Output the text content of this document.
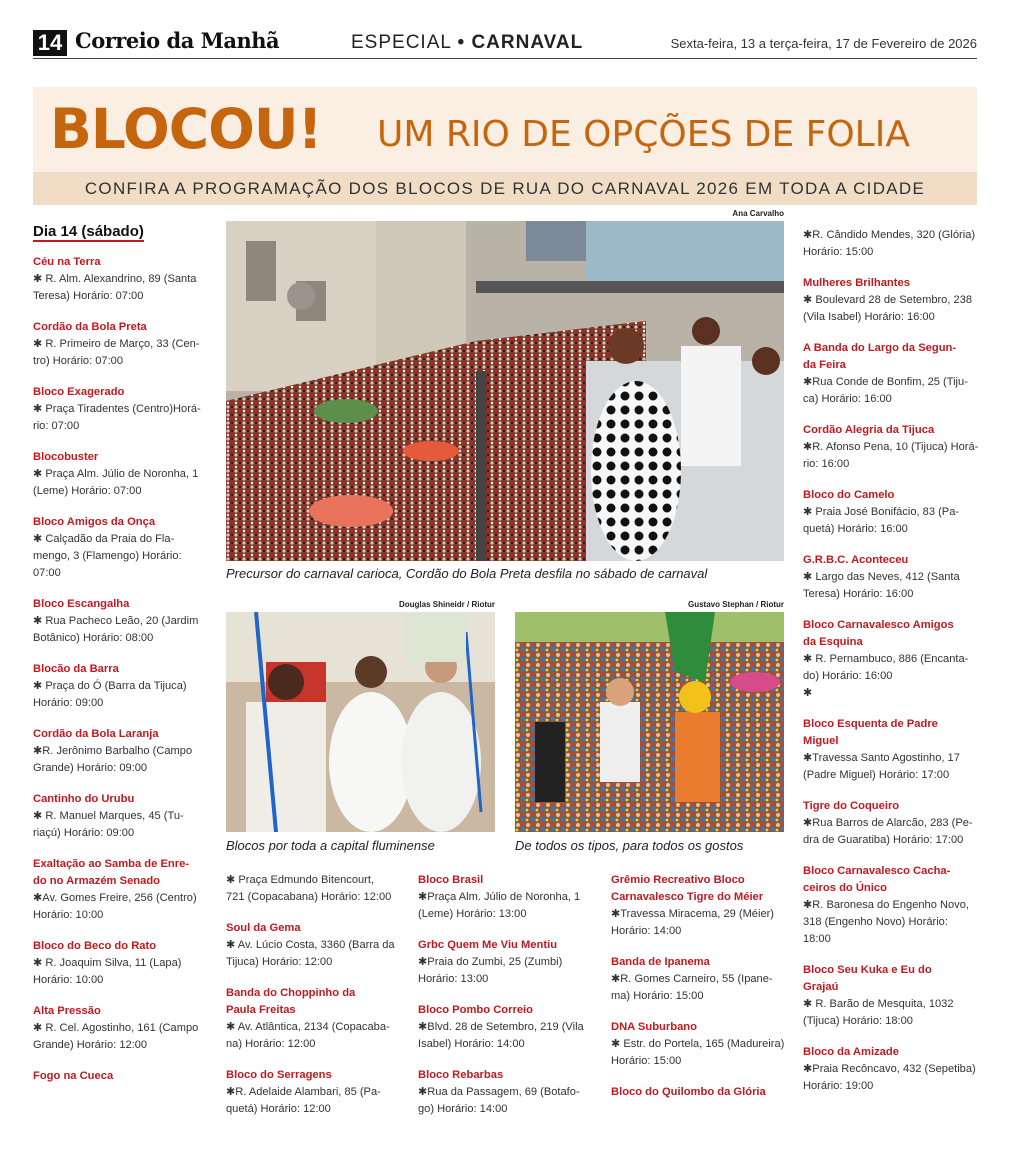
14 Correio da Manhã	ESPECIAL • CARNAVAL	Sexta-feira, 13 a terça-feira, 17 de Fevereiro de 2026
BLOCOU! UM RIO DE OPÇÕES DE FOLIA
CONFIRA A PROGRAMAÇÃO DOS BLOCOS DE RUA DO CARNAVAL 2026 EM TODA A CIDADE
Dia 14 (sábado)
Céu na Terra
✱ R. Alm. Alexandrino, 89 (Santa
Teresa) Horário: 07:00
Cordão da Bola Preta
✱ R. Primeiro de Março, 33 (Cen-
tro) Horário: 07:00
Bloco Exagerado
✱ Praça Tiradentes (Centro)Horá-
rio: 07:00
Blocobuster
✱ Praça Alm. Júlio de Noronha, 1
(Leme) Horário: 07:00
Bloco Amigos da Onça
✱ Calçadão da Praia do Fla-
mengo, 3 (Flamengo) Horário:
07:00
Bloco Escangalha
✱ Rua Pacheco Leão, 20 (Jardim
Botânico) Horário: 08:00
Blocão da Barra
✱ Praça do Ó (Barra da Tijuca)
Horário: 09:00
Cordão da Bola Laranja
✱R. Jerônimo Barbalho (Campo
Grande) Horário: 09:00
Cantinho do Urubu
✱ R. Manuel Marques, 45 (Tu-
riaçú) Horário: 09:00
Exaltação ao Samba de Enre-
do no Armazém Senado
✱Av. Gomes Freire, 256 (Centro)
Horário: 10:00
Bloco do Beco do Rato
✱ R. Joaquim Silva, 11 (Lapa)
Horário: 10:00
Alta Pressão
✱ R. Cel. Agostinho, 161 (Campo
Grande) Horário: 12:00
Fogo na Cueca
Ana Carvalho
Precursor do carnaval carioca, Cordão do Bola Preta desfila no sábado de carnaval
Douglas Shineidr / Riotur
Blocos por toda a capital fluminense
Gustavo Stephan / Riotur
De todos os tipos, para todos os gostos
✱ Praça Edmundo Bitencourt,
721 (Copacabana) Horário: 12:00
Soul da Gema
✱ Av. Lúcio Costa, 3360 (Barra da
Tijuca) Horário: 12:00
Banda do Choppinho da
Paula Freitas
✱ Av. Atlântica, 2134 (Copacaba-
na) Horário: 12:00
Bloco do Serragens
✱R. Adelaide Alambari, 85 (Pa-
quetá) Horário: 12:00
Bloco Brasil
✱Praça Alm. Júlio de Noronha, 1
(Leme) Horário: 13:00
Grbc Quem Me Viu Mentiu
✱Praia do Zumbi, 25 (Zumbi)
Horário: 13:00
Bloco Pombo Correio
✱Blvd. 28 de Setembro, 219 (Vila
Isabel) Horário: 14:00
Bloco Rebarbas
✱Rua da Passagem, 69 (Botafo-
go) Horário: 14:00
Grêmio Recreativo Bloco
Carnavalesco Tigre do Méier
✱Travessa Miracema, 29 (Méier)
Horário: 14:00
Banda de Ipanema
✱R. Gomes Carneiro, 55 (Ipane-
ma) Horário: 15:00
DNA Suburbano
✱ Estr. do Portela, 165 (Madureira)
Horário: 15:00
Bloco do Quilombo da Glória
✱R. Cândido Mendes, 320 (Glória)
Horário: 15:00
Mulheres Brilhantes
✱ Boulevard 28 de Setembro, 238
(Vila Isabel) Horário: 16:00
A Banda do Largo da Segun-
da Feira
✱Rua Conde de Bonfim, 25 (Tiju-
ca) Horário: 16:00
Cordão Alegria da Tijuca
✱R. Afonso Pena, 10 (Tijuca) Horá-
rio: 16:00
Bloco do Camelo
✱ Praia José Bonifácio, 83 (Pa-
quetá) Horário: 16:00
G.R.B.C. Aconteceu
✱ Largo das Neves, 412 (Santa
Teresa) Horário: 16:00
Bloco Carnavalesco Amigos
da Esquina
✱ R. Pernambuco, 886 (Encanta-
do) Horário: 16:00
✱
Bloco Esquenta de Padre
Miguel
✱Travessa Santo Agostinho, 17
(Padre Miguel) Horário: 17:00
Tigre do Coqueiro
✱Rua Barros de Alarcão, 283 (Pe-
dra de Guaratiba) Horário: 17:00
Bloco Carnavalesco Cacha-
ceiros do Único
✱R. Baronesa do Engenho Novo,
318 (Engenho Novo) Horário:
18:00
Bloco Seu Kuka e Eu do
Grajaú
✱ R. Barão de Mesquita, 1032
(Tijuca) Horário: 18:00
Bloco da Amizade
✱Praia Recôncavo, 432 (Sepetiba)
Horário: 19:00
